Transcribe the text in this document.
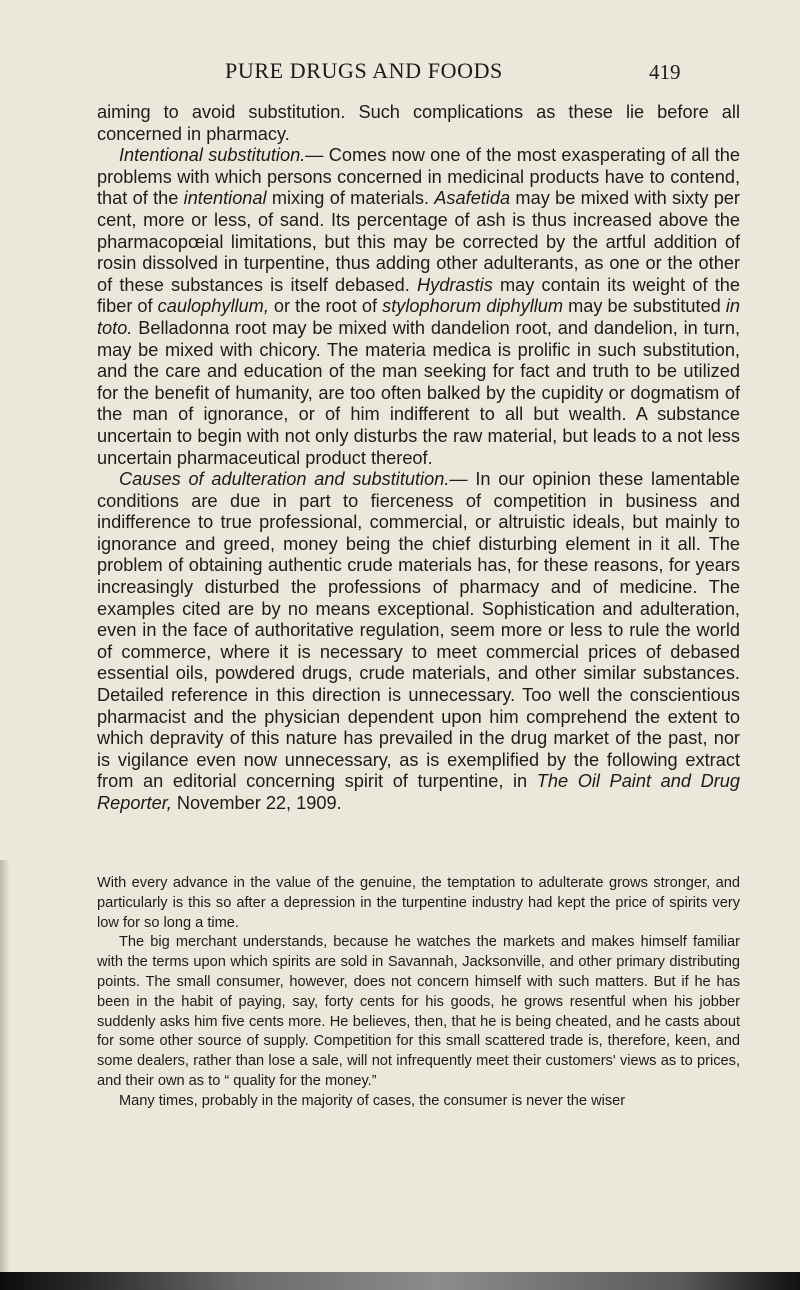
PURE DRUGS AND FOODS	419

aiming to avoid substitution. Such complications as these lie before all concerned in pharmacy.

Intentional substitution.— Comes now one of the most exasperating of all the problems with which persons concerned in medicinal products have to contend, that of the intentional mixing of materials. Asafetida may be mixed with sixty per cent, more or less, of sand. Its percentage of ash is thus increased above the pharmacopœial limitations, but this may be corrected by the artful addition of rosin dissolved in turpentine, thus adding other adulterants, as one or the other of these substances is itself debased. Hydrastis may contain its weight of the fiber of caulophyllum, or the root of stylophorum diphyllum may be substituted in toto. Belladonna root may be mixed with dandelion root, and dandelion, in turn, may be mixed with chicory. The materia medica is prolific in such substitution, and the care and education of the man seeking for fact and truth to be utilized for the benefit of humanity, are too often balked by the cupidity or dogmatism of the man of ignorance, or of him indifferent to all but wealth. A substance uncertain to begin with not only disturbs the raw material, but leads to a not less uncertain pharmaceutical product thereof.

Causes of adulteration and substitution.— In our opinion these lamentable conditions are due in part to fierceness of competition in business and indifference to true professional, commercial, or altruistic ideals, but mainly to ignorance and greed, money being the chief disturbing element in it all. The problem of obtaining authentic crude materials has, for these reasons, for years increasingly disturbed the professions of pharmacy and of medicine. The examples cited are by no means exceptional. Sophistication and adulteration, even in the face of authoritative regulation, seem more or less to rule the world of commerce, where it is necessary to meet commercial prices of debased essential oils, powdered drugs, crude materials, and other similar substances. Detailed reference in this direction is unnecessary. Too well the conscientious pharmacist and the physician dependent upon him comprehend the extent to which depravity of this nature has prevailed in the drug market of the past, nor is vigilance even now unnecessary, as is exemplified by the following extract from an editorial concerning spirit of turpentine, in The Oil Paint and Drug Reporter, November 22, 1909.

With every advance in the value of the genuine, the temptation to adulterate grows stronger, and particularly is this so after a depression in the turpentine industry had kept the price of spirits very low for so long a time.

The big merchant understands, because he watches the markets and makes himself familiar with the terms upon which spirits are sold in Savannah, Jacksonville, and other primary distributing points. The small consumer, however, does not concern himself with such matters. But if he has been in the habit of paying, say, forty cents for his goods, he grows resentful when his jobber suddenly asks him five cents more. He believes, then, that he is being cheated, and he casts about for some other source of supply. Competition for this small scattered trade is, therefore, keen, and some dealers, rather than lose a sale, will not infrequently meet their customers' views as to prices, and their own as to “ quality for the money.”

Many times, probably in the majority of cases, the consumer is never the wiser
